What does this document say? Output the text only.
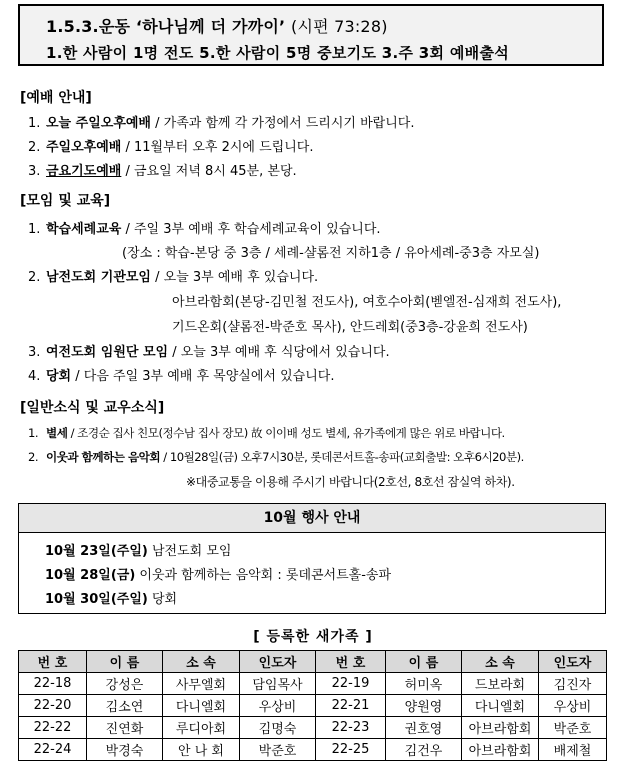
1.5.3.운동 ‘하나님께 더 가까이’ (시편 73:28)
1.한 사람이 1명 전도 5.한 사람이 5명 중보기도 3.주 3회 예배출석
[예배 안내]
1. 오늘 주일오후예배 / 가족과 함께 각 가정에서 드리시기 바랍니다.
2. 주일오후예배 / 11월부터 오후 2시에 드립니다.
3. 금요기도예배 / 금요일 저녁 8시 45분, 본당.
[모임 및 교육]
1. 학습세례교육 / 주일 3부 예배 후 학습세례교육이 있습니다.
(장소 : 학습-본당 중 3층 / 세례-샬롬전 지하1층 / 유아세례-중3층 자모실)
2. 남전도회 기관모임 / 오늘 3부 예배 후 있습니다.
아브라함회(본당-김민철 전도사), 여호수아회(벧엘전-심재희 전도사),
기드온회(샬롬전-박준호 목사), 안드레회(중3층-강윤희 전도사)
3. 여전도회 임원단 모임 / 오늘 3부 예배 후 식당에서 있습니다.
4. 당회 / 다음 주일 3부 예배 후 목양실에서 있습니다.
[일반소식 및 교우소식]
1. 별세 / 조경순 집사 친모(정수남 집사 장모) 故 이이배 성도 별세, 유가족에게 많은 위로 바랍니다.
2. 이웃과 함께하는 음악회 / 10월28일(금) 오후7시30분, 롯데콘서트홀-송파(교회출발: 오후6시20분).
※대중교통을 이용해 주시기 바랍니다(2호선, 8호선 잠실역 하차).
10월 행사 안내
10월 23일(주일) 남전도회 모임
10월 28일(금) 이웃과 함께하는 음악회 : 롯데콘서트홀-송파
10월 30일(주일) 당회
[ 등록한 새가족 ]
번 호	이 름	소 속	인도자	번 호	이 름	소 속	인도자
22-18	강성은	사무엘회	담임목사	22-19	허미옥	드보라회	김진자
22-20	김소연	다니엘회	우상비	22-21	양원영	다니엘회	우상비
22-22	진연화	루디아회	김명숙	22-23	권호영	아브라함회	박준호
22-24	박경숙	안 나 회	박준호	22-25	김건우	아브라함회	배제철
